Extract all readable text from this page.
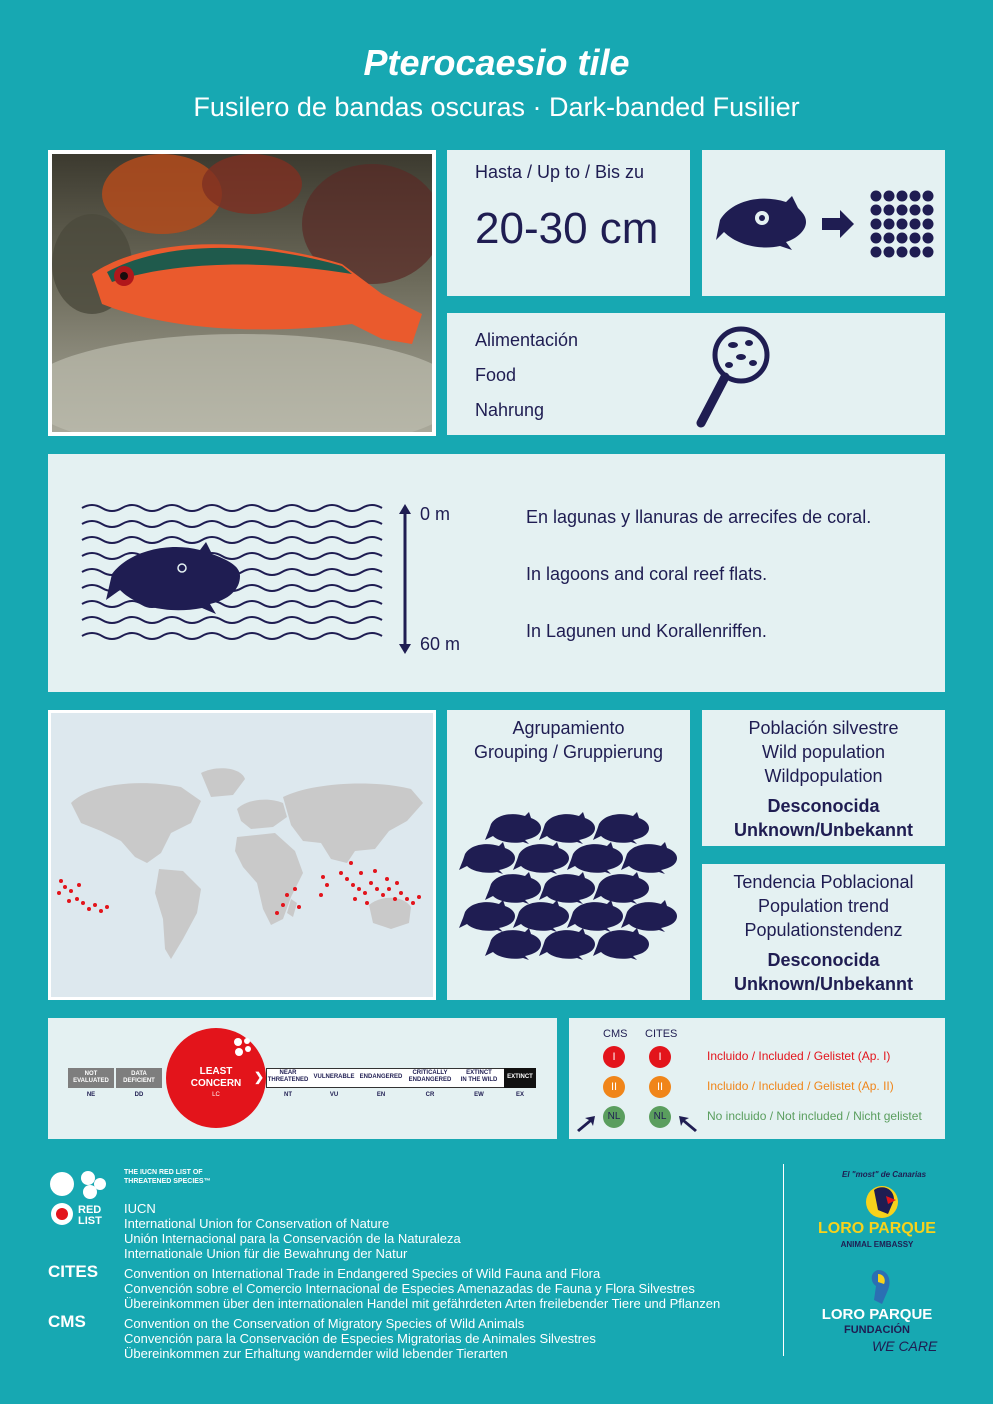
Pterocaesio tile
Fusilero de bandas oscuras · Dark-banded Fusilier
Hasta / Up to / Bis zu
20-30 cm
Alimentación
Food
Nahrung
0 m
60 m
En lagunas y llanuras de arrecifes de coral.
In lagoons and coral reef flats.
In Lagunen und Korallenriffen.
Agrupamiento
Grouping / Gruppierung
Población silvestre
Wild population
Wildpopulation
Desconocida
Unknown/Unbekannt
Tendencia Poblacional
Population trend
Populationstendenz
Desconocida
Unknown/Unbekannt
NOT
EVALUATED
NE
DATA
DEFICIENT
DD
LEAST
CONCERN
LC
❯	NEAR
THREATENED
NT
VULNERABLE
VU
ENDANGERED
EN
CRITICALLY
ENDANGERED
CR
EXTINCT
IN THE WILD
EW
EXTINCT
EX
CMS CITES
I	I	Incluido / Included / Gelistet (Ap. I)
II	II	Incluido / Included / Gelistet (Ap. II)
NL	NL	No incluido / Not included / Nicht gelistet
RED
LIST
THE IUCN RED LIST OF THREATENED SPECIES™
IUCN
International Union for Conservation of Nature
Unión Internacional para la Conservación de la Naturaleza
Internationale Union für die Bewahrung der Natur
CITES Convention on International Trade in Endangered Species of Wild Fauna and Flora
Convención sobre el Comercio Internacional de Especies Amenazadas de Fauna y Flora Silvestres
Übereinkommen über den internationalen Handel mit gefährdeten Arten freilebender Tiere und Pflanzen
CMS	Convention on the Conservation of Migratory Species of Wild Animals
Convención para la Conservación de Especies Migratorias de Animales Silvestres
Übereinkommen zur Erhaltung wandernder wild lebender Tierarten
El "most" de Canarias
LORO PARQUE
ANIMAL EMBASSY
LORO PARQUE
FUNDACIÓN
WE CARE
